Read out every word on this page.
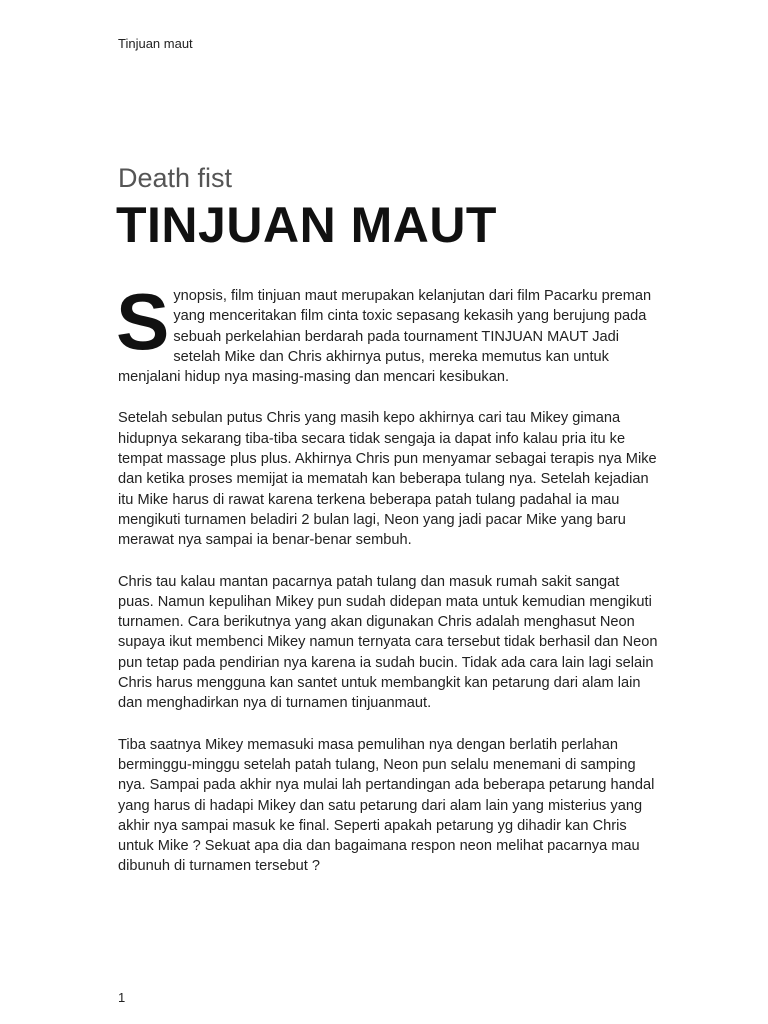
Tinjuan maut
Death fist
TINJUAN MAUT

Synopsis, film tinjuan maut merupakan kelanjutan dari film Pacarku preman yang menceritakan film cinta toxic sepasang kekasih yang berujung pada sebuah perkelahian berdarah pada tournament TINJUAN MAUT Jadi setelah Mike dan Chris akhirnya putus, mereka memutus kan untuk menjalani hidup nya masing-masing dan mencari kesibukan.

Setelah sebulan putus Chris yang masih kepo akhirnya cari tau Mikey gimana hidupnya sekarang tiba-tiba secara tidak sengaja ia dapat info kalau pria itu ke tempat massage plus plus. Akhirnya Chris pun menyamar sebagai terapis nya Mike dan ketika proses memijat ia mematah kan beberapa tulang nya. Setelah kejadian itu Mike harus di rawat karena terkena beberapa patah tulang padahal ia mau mengikuti turnamen beladiri 2 bulan lagi, Neon yang jadi pacar Mike yang baru merawat nya sampai ia benar-benar sembuh.

Chris tau kalau mantan pacarnya patah tulang dan masuk rumah sakit sangat puas. Namun kepulihan Mikey pun sudah didepan mata untuk kemudian mengikuti turnamen. Cara berikutnya yang akan digunakan Chris adalah menghasut Neon supaya ikut membenci Mikey namun ternyata cara tersebut tidak berhasil dan Neon pun tetap pada pendirian nya karena ia sudah bucin. Tidak ada cara lain lagi selain Chris harus mengguna kan santet untuk membangkit kan petarung dari alam lain dan menghadirkan nya di turnamen tinjuanmaut.

Tiba saatnya Mikey memasuki masa pemulihan nya dengan berlatih perlahan berminggu-minggu setelah patah tulang, Neon pun selalu menemani di samping nya. Sampai pada akhir nya mulai lah pertandingan ada beberapa petarung handal yang harus di hadapi Mikey dan satu petarung dari alam lain yang misterius yang akhir nya sampai masuk ke final. Seperti apakah petarung yg dihadir kan Chris untuk Mike ? Sekuat apa dia dan bagaimana respon neon melihat pacarnya mau dibunuh di turnamen tersebut ?

1
